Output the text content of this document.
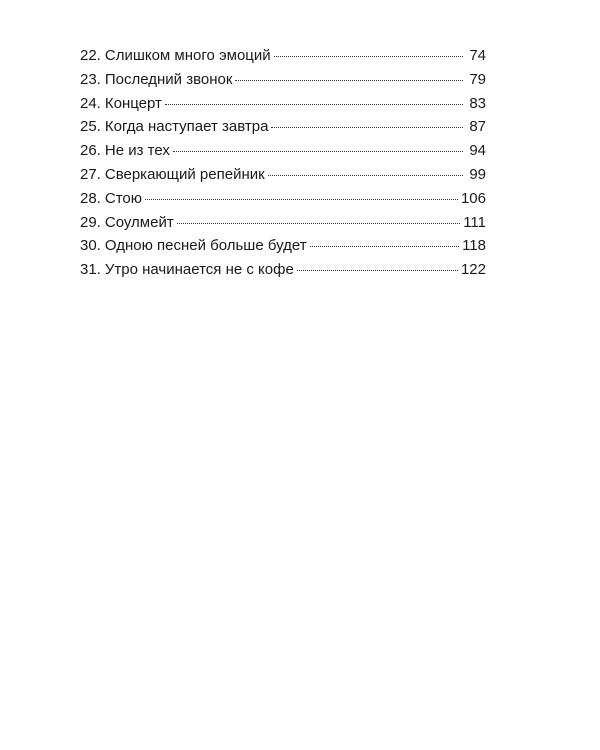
22. Слишком много эмоций	74
23. Последний звонок	79
24. Концерт	83
25. Когда наступает завтра	87
26. Не из тех	94
27. Сверкающий репейник	99
28. Стою	106
29. Соулмейт	111
30. Одною песней больше будет	118
31. Утро начинается не с кофе	122
